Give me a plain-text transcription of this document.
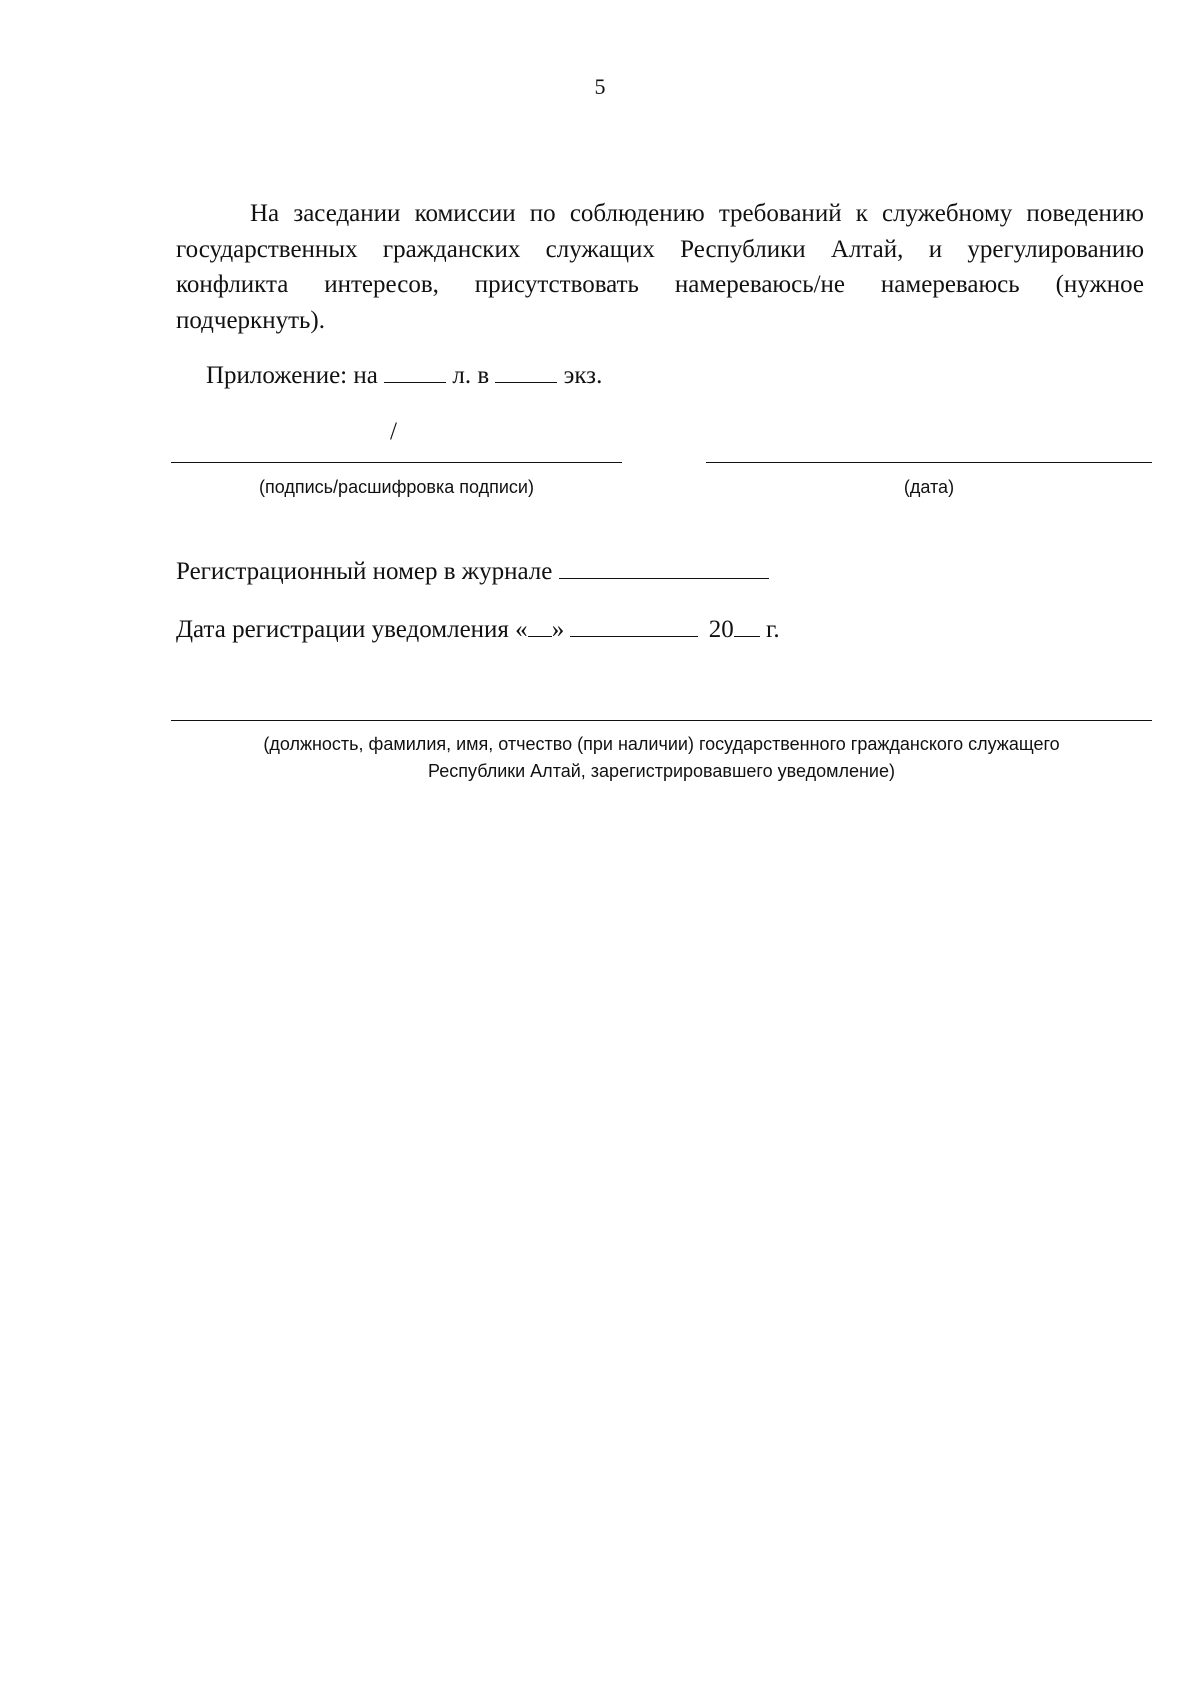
5
На заседании комиссии по соблюдению требований к служебному поведению государственных гражданских служащих Республики Алтай, и урегулированию конфликта интересов, присутствовать намереваюсь/не намереваюсь (нужное подчеркнуть).
Приложение: на	л. в	экз.
/
(подпись/расшифровка подписи)	(дата)
Регистрационный номер в журнале
Дата регистрации уведомления « »	20 г.
(должность, фамилия, имя, отчество (при наличии) государственного гражданского служащего
Республики Алтай, зарегистрировавшего уведомление)
